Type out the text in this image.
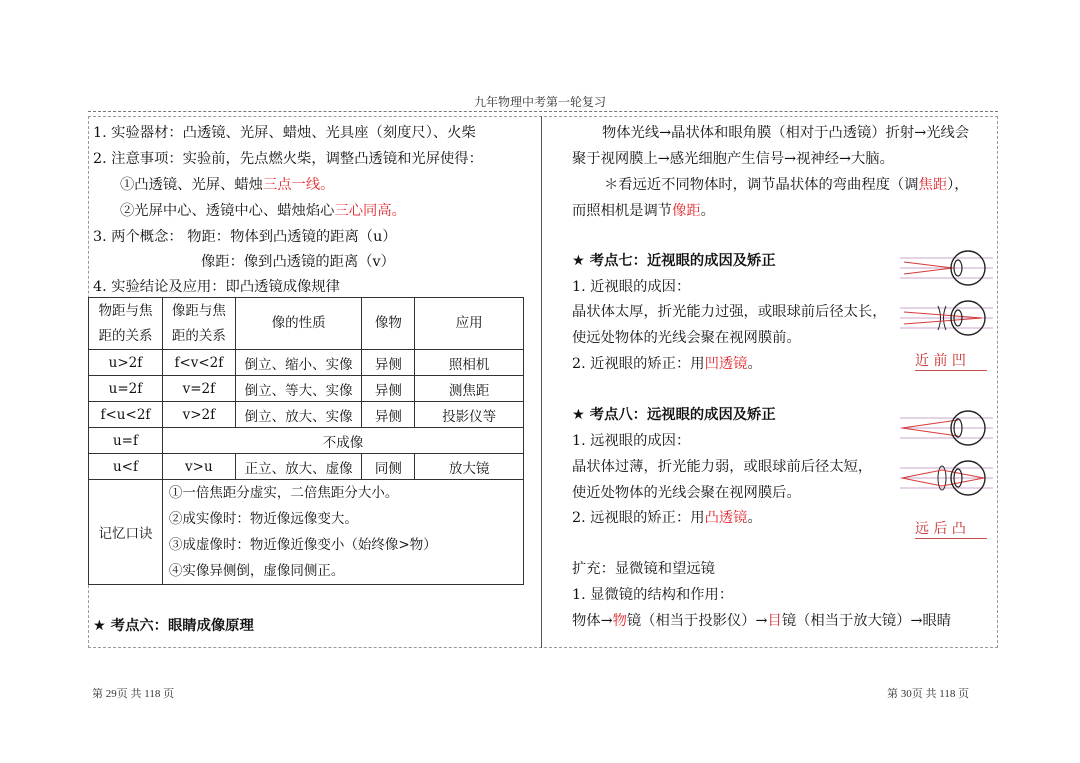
九年物理中考第一轮复习
1. 实验器材：凸透镜、光屏、蜡烛、光具座（刻度尺）、火柴
2. 注意事项：实验前，先点燃火柴，调整凸透镜和光屏使得：
①凸透镜、光屏、蜡烛三点一线。
②光屏中心、透镜中心、蜡烛焰心三心同高。
3. 两个概念： 物距：物体到凸透镜的距离（u）
像距：像到凸透镜的距离（v）
4. 实验结论及应用：即凸透镜成像规律
物距与焦
距的关系	像距与焦
距的关系	像的性质	像物	应用
u>2f	f<v<2f	倒立、缩小、实像	异侧	照相机
u=2f	v=2f	倒立、等大、实像	异侧	测焦距
f<u<2f	v>2f	倒立、放大、实像	异侧	投影仪等
u=f	不成像			
u<f	v>u	正立、放大、虚像	同侧	放大镜
记忆口诀	①一倍焦距分虚实，二倍焦距分大小。
②成实像时：物近像远像变大。
③成虚像时：物近像近像变小（始终像>物）
④实像异侧倒，虚像同侧正。			
★ 考点六：眼睛成像原理
物体光线→晶状体和眼角膜（相对于凸透镜）折射→光线会
聚于视网膜上→感光细胞产生信号→视神经→大脑。
＊看远近不同物体时，调节晶状体的弯曲程度（调焦距），
而照相机是调节像距。
★ 考点七：近视眼的成因及矫正
1. 近视眼的成因：
晶状体太厚，折光能力过强，或眼球前后径太长，
使远处物体的光线会聚在视网膜前。
2. 近视眼的矫正：用凹透镜。
★ 考点八：远视眼的成因及矫正
1. 远视眼的成因：
晶状体过薄，折光能力弱，或眼球前后径太短，
使近处物体的光线会聚在视网膜后。
2. 远视眼的矫正：用凸透镜。
扩充：显微镜和望远镜
1. 显微镜的结构和作用：
物体→物镜（相当于投影仪）→目镜（相当于放大镜）→眼睛
近 前 凹
远 后 凸
第 29页 共 118 页	第 30页 共 118 页
